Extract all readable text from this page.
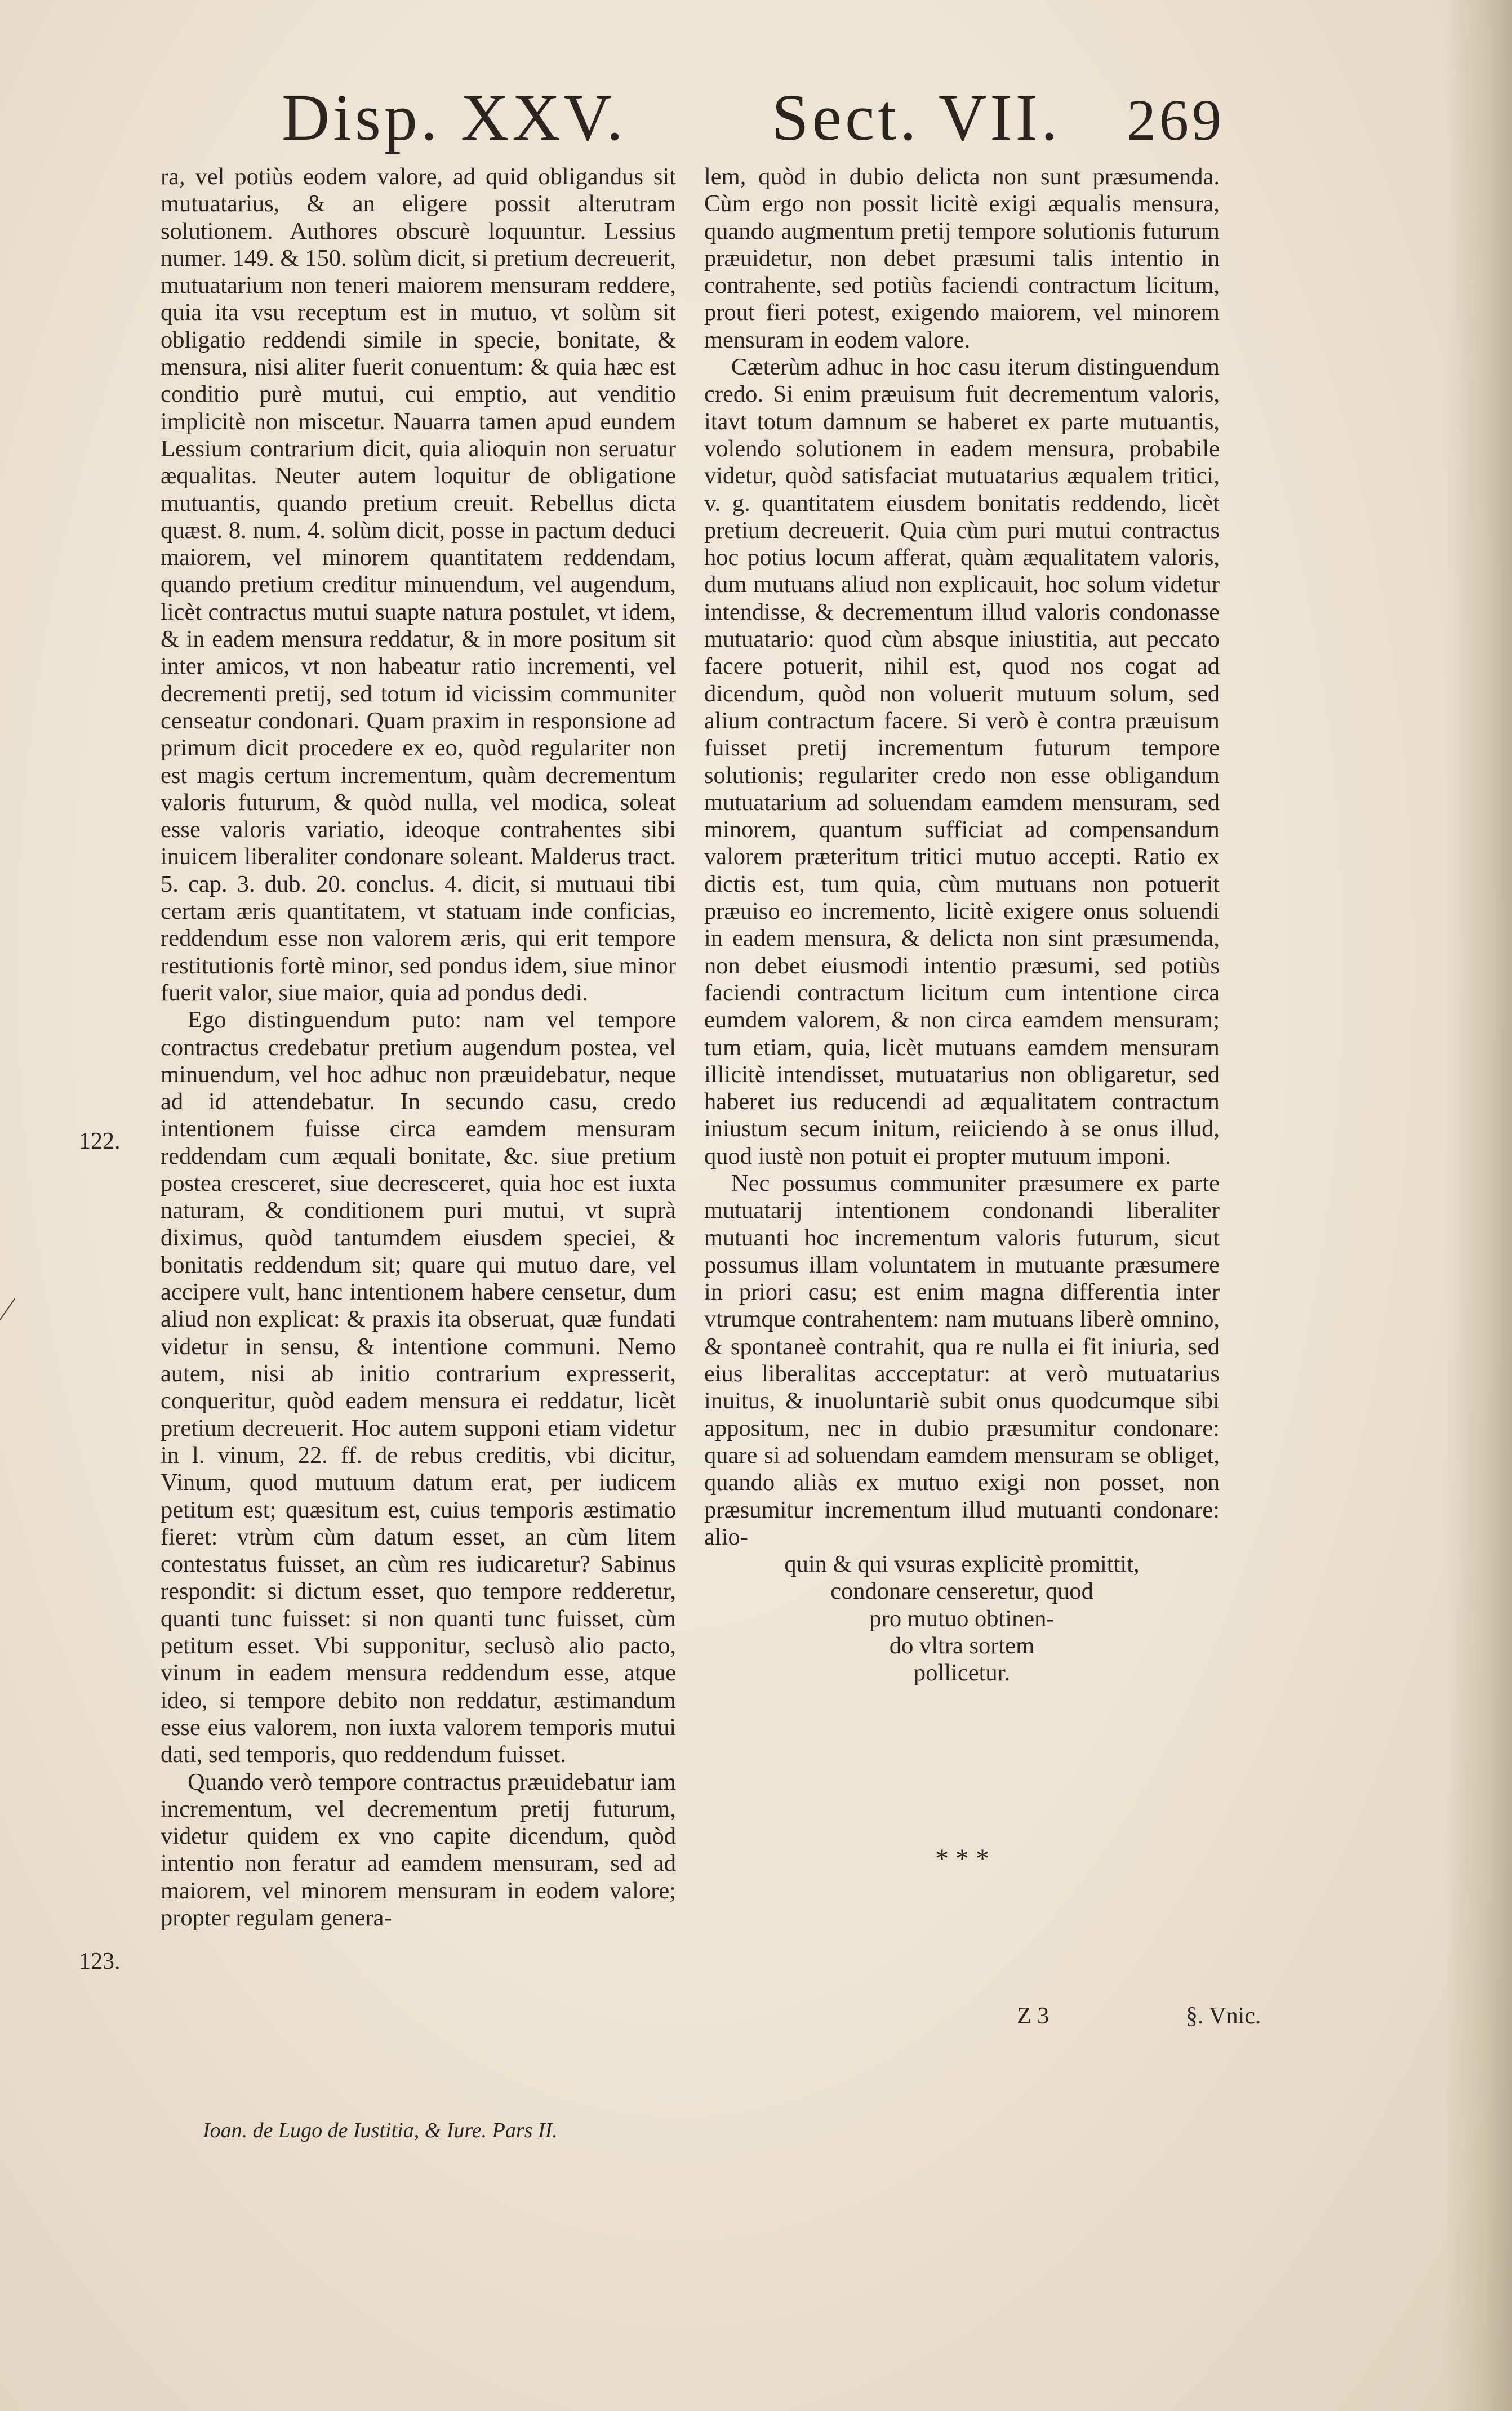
Disp. XXV. Sect. VII. 269

ra, vel potiùs eodem valore, ad quid obligandus sit mutuatarius, & an eligere possit alterutram solutionem. Authores obscurè loquuntur. Lessius numer. 149. & 150. solùm dicit, si pretium decreuerit, mutuatarium non teneri maiorem mensuram reddere, quia ita vsu receptum est in mutuo, vt solùm sit obligatio reddendi simile in specie, bonitate, & mensura, nisi aliter fuerit conuentum: & quia hæc est conditio purè mutui, cui emptio, aut venditio implicitè non miscetur. Nauarra tamen apud eundem Lessium contrarium dicit, quia alioquin non seruatur æqualitas. Neuter autem loquitur de obligatione mutuantis, quando pretium creuit. Rebellus dicta quæst. 8. num. 4. solùm dicit, posse in pactum deduci maiorem, vel minorem quantitatem reddendam, quando pretium creditur minuendum, vel augendum, licèt contractus mutui suapte natura postulet, vt idem, & in eadem mensura reddatur, & in more positum sit inter amicos, vt non habeatur ratio incrementi, vel decrementi pretij, sed totum id vicissim communiter censeatur condonari. Quam praxim in responsione ad primum dicit procedere ex eo, quòd regulariter non est magis certum incrementum, quàm decrementum valoris futurum, & quòd nulla, vel modica, soleat esse valoris variatio, ideoque contrahentes sibi inuicem liberaliter condonare soleant. Malderus tract. 5. cap. 3. dub. 20. conclus. 4. dicit, si mutuaui tibi certam æris quantitatem, vt statuam inde conficias, reddendum esse non valorem æris, qui erit tempore restitutionis fortè minor, sed pondus idem, siue minor fuerit valor, siue maior, quia ad pondus dedi.

Ego distinguendum puto: nam vel tempore contractus credebatur pretium augendum postea, vel minuendum, vel hoc adhuc non præuidebatur, neque ad id attendebatur. In secundo casu, credo intentionem fuisse circa eamdem mensuram reddendam cum æquali bonitate, &c. siue pretium postea cresceret, siue decresceret, quia hoc est iuxta naturam, & conditionem puri mutui, vt suprà diximus, quòd tantumdem eiusdem speciei, & bonitatis reddendum sit; quare qui mutuo dare, vel accipere vult, hanc intentionem habere censetur, dum aliud non explicat: & praxis ita obseruat, quæ fundati videtur in sensu, & intentione communi. Nemo autem, nisi ab initio contrarium expresserit, conqueritur, quòd eadem mensura ei reddatur, licèt pretium decreuerit. Hoc autem supponi etiam videtur in l. vinum, 22. ff. de rebus creditis, vbi dicitur, Vinum, quod mutuum datum erat, per iudicem petitum est; quæsitum est, cuius temporis æstimatio fieret: vtrùm cùm datum esset, an cùm litem contestatus fuisset, an cùm res iudicaretur? Sabinus respondit: si dictum esset, quo tempore redderetur, quanti tunc fuisset: si non quanti tunc fuisset, cùm petitum esset. Vbi supponitur, seclusò alio pacto, vinum in eadem mensura reddendum esse, atque ideo, si tempore debito non reddatur, æstimandum esse eius valorem, non iuxta valorem temporis mutui dati, sed temporis, quo reddendum fuisset.

Quando verò tempore contractus præuidebatur iam incrementum, vel decrementum pretij futurum, videtur quidem ex vno capite dicendum, quòd intentio non feratur ad eamdem mensuram, sed ad maiorem, vel minorem mensuram in eodem valore; propter regulam genera-

122.
123.

lem, quòd in dubio delicta non sunt præsumenda. Cùm ergo non possit licitè exigi æqualis mensura, quando augmentum pretij tempore solutionis futurum præuidetur, non debet præsumi talis intentio in contrahente, sed potiùs faciendi contractum licitum, prout fieri potest, exigendo maiorem, vel minorem mensuram in eodem valore.

Cæterùm adhuc in hoc casu iterum distinguendum credo. Si enim præuisum fuit decrementum valoris, itavt totum damnum se haberet ex parte mutuantis, volendo solutionem in eadem mensura, probabile videtur, quòd satisfaciat mutuatarius æqualem tritici, v. g. quantitatem eiusdem bonitatis reddendo, licèt pretium decreuerit. Quia cùm puri mutui contractus hoc potius locum afferat, quàm æqualitatem valoris, dum mutuans aliud non explicauit, hoc solum videtur intendisse, & decrementum illud valoris condonasse mutuatario: quod cùm absque iniustitia, aut peccato facere potuerit, nihil est, quod nos cogat ad dicendum, quòd non voluerit mutuum solum, sed alium contractum facere. Si verò è contra præuisum fuisset pretij incrementum futurum tempore solutionis; regulariter credo non esse obligandum mutuatarium ad soluendam eamdem mensuram, sed minorem, quantum sufficiat ad compensandum valorem præteritum tritici mutuo accepti. Ratio ex dictis est, tum quia, cùm mutuans non potuerit præuiso eo incremento, licitè exigere onus soluendi in eadem mensura, & delicta non sint præsumenda, non debet eiusmodi intentio præsumi, sed potiùs faciendi contractum licitum cum intentione circa eumdem valorem, & non circa eamdem mensuram; tum etiam, quia, licèt mutuans eamdem mensuram illicitè intendisset, mutuatarius non obligaretur, sed haberet ius reducendi ad æqualitatem contractum iniustum secum initum, reiiciendo à se onus illud, quod iustè non potuit ei propter mutuum imponi.

Nec possumus communiter præsumere ex parte mutuatarij intentionem condonandi liberaliter mutuanti hoc incrementum valoris futurum, sicut possumus illam voluntatem in mutuante præsumere in priori casu; est enim magna differentia inter vtrumque contrahentem: nam mutuans liberè omnino, & spontaneè contrahit, qua re nulla ei fit iniuria, sed eius liberalitas accceptatur: at verò mutuatarius inuitus, & inuoluntariè subit onus quodcumque sibi appositum, nec in dubio præsumitur condonare: quare si ad soluendam eamdem mensuram se obliget, quando aliàs ex mutuo exigi non posset, non præsumitur incrementum illud mutuanti condonare: alio-

quin & qui vsuras explicitè promittit,

condonare censeretur, quod

pro mutuo obtinen-

do vltra sortem

pollicetur.

* * *
Z 3	§. Vnic.
Ioan. de Lugo de Iustitia, & Iure. Pars II.
